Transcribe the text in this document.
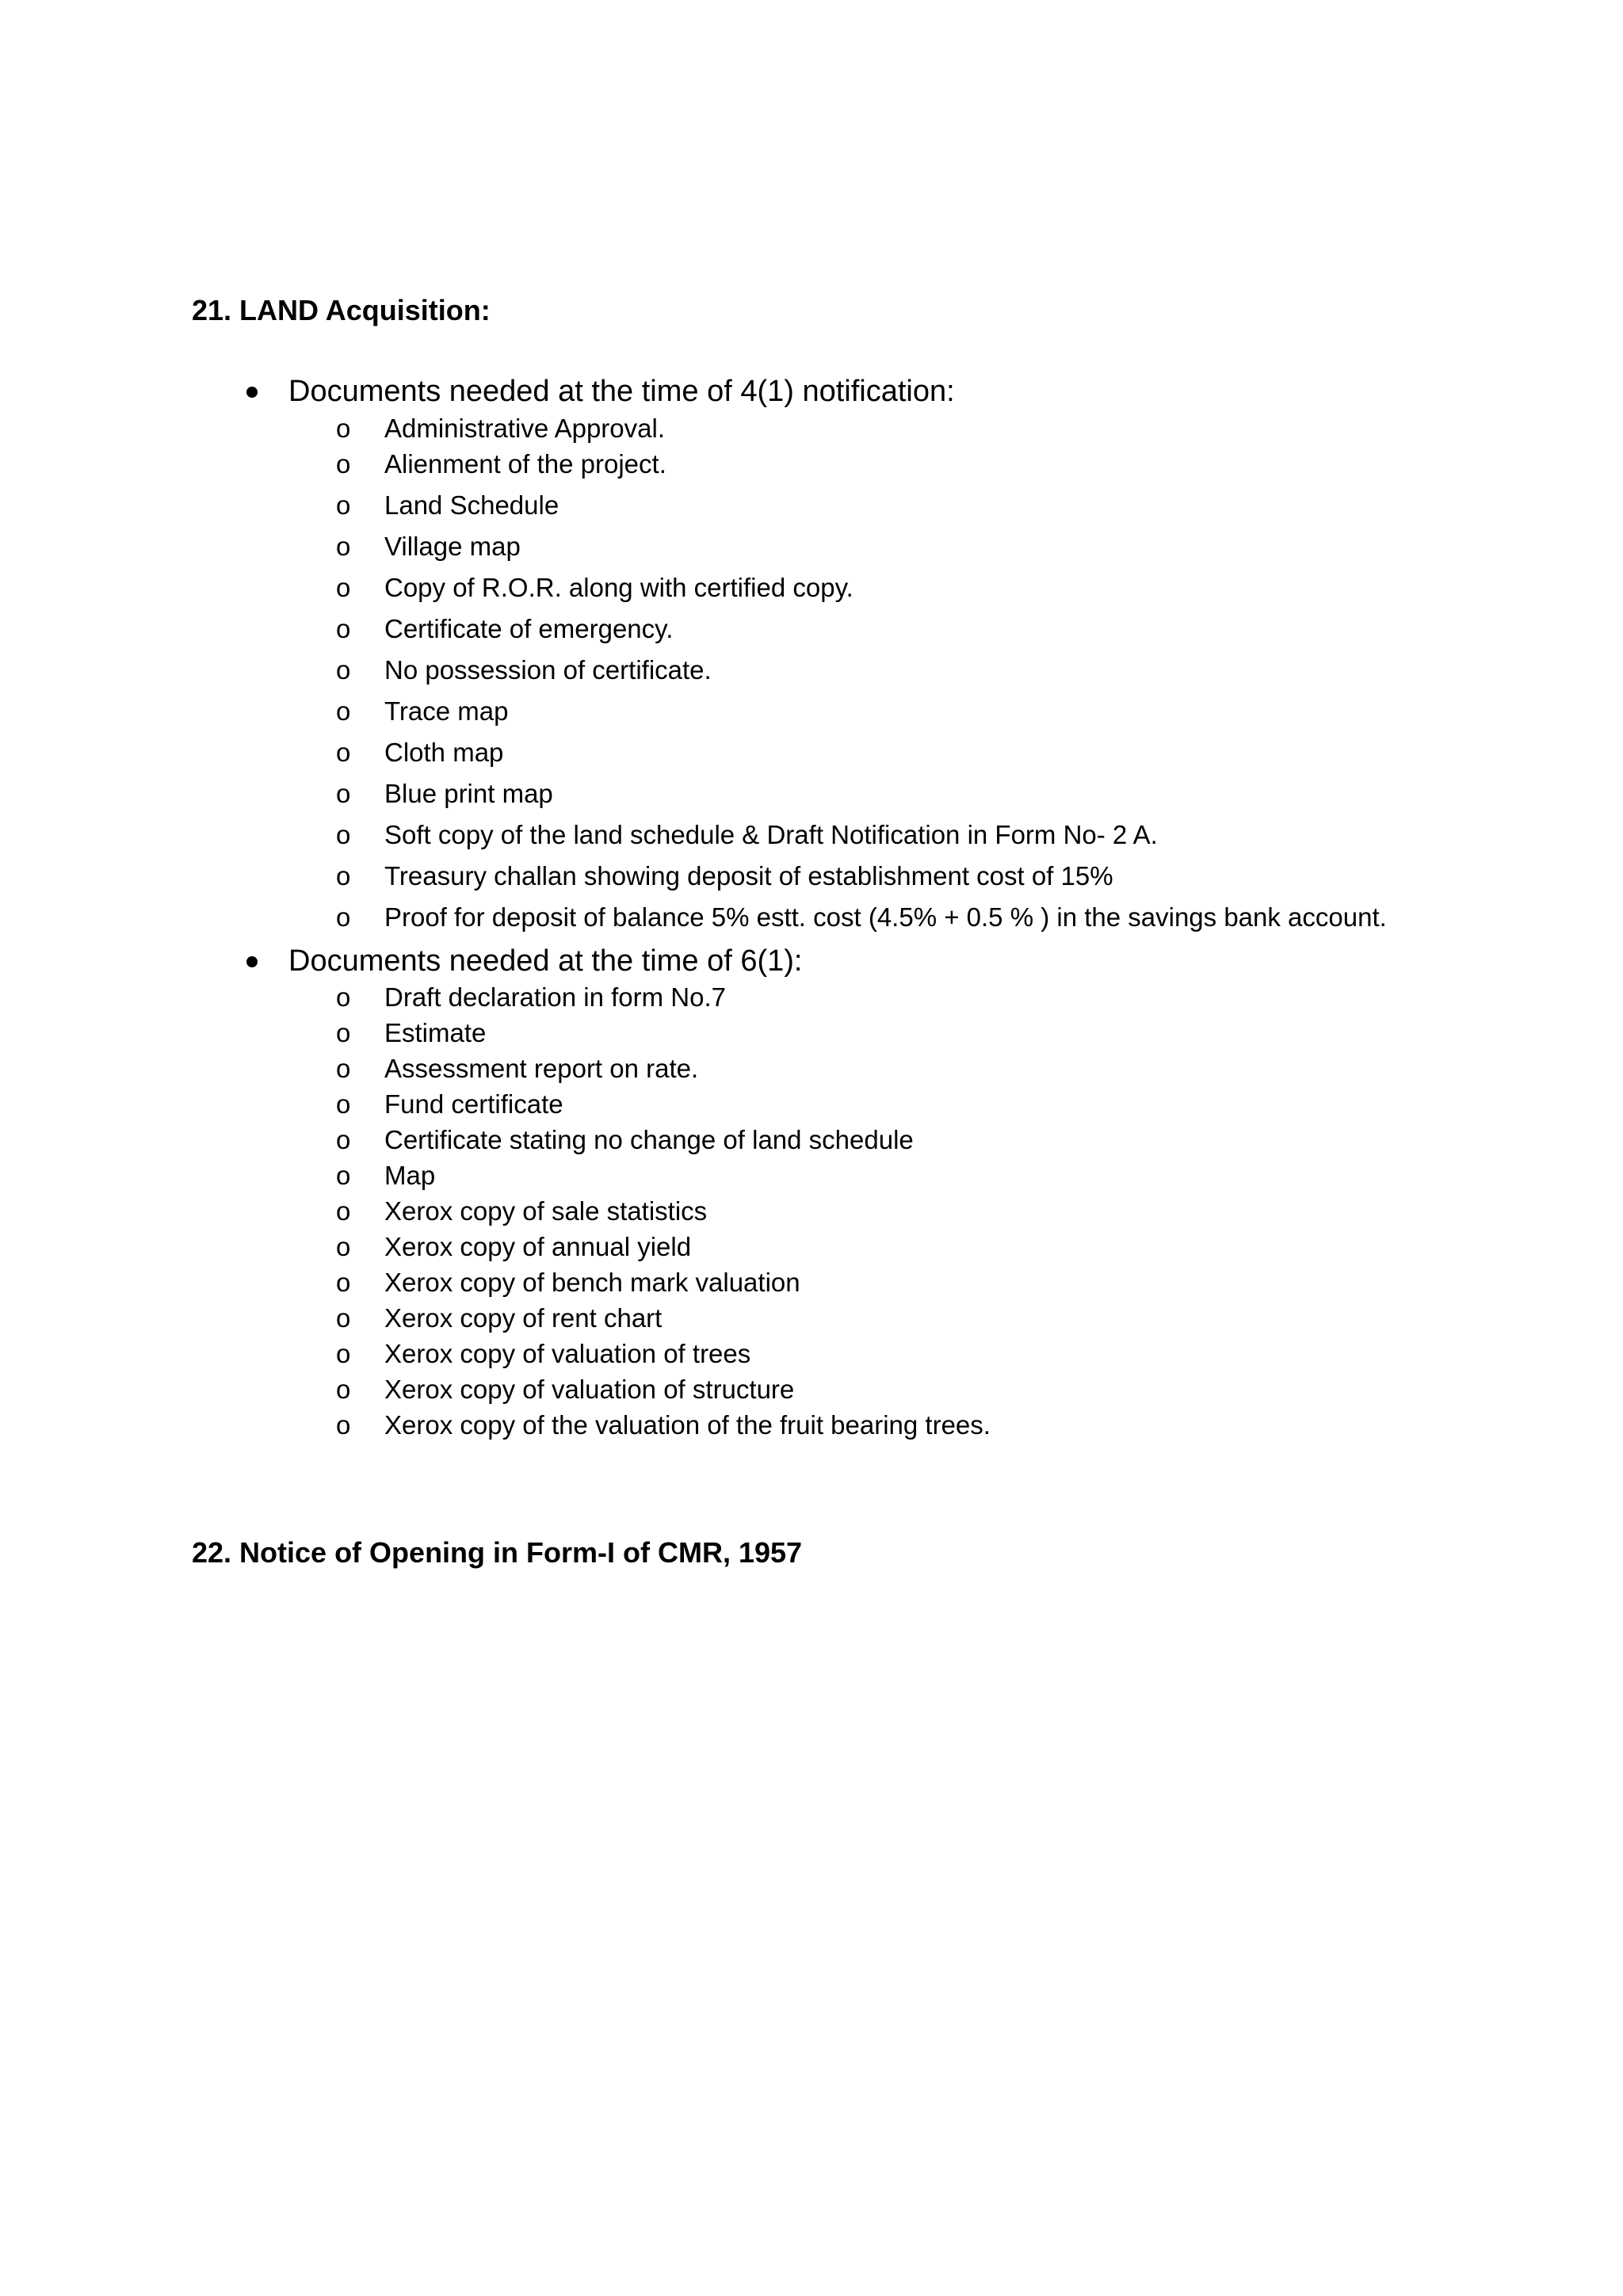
21. LAND Acquisition:
Documents needed at the time of 4(1) notification:
o Administrative Approval.
o Alienment of the project.
o Land Schedule
o Village map
o Copy of R.O.R. along with certified copy.
o Certificate of emergency.
o No possession of certificate.
o Trace map
o Cloth map
o Blue print map
o Soft copy of the land schedule & Draft Notification in Form No- 2 A.
o Treasury challan showing deposit of establishment cost of 15%
o Proof for deposit of balance 5% estt. cost (4.5% + 0.5 % ) in the savings bank account.
Documents needed at the time of 6(1):
o Draft declaration in form No.7
o Estimate
o Assessment report on rate.
o Fund certificate
o Certificate stating no change of land schedule
o Map
o Xerox copy of sale statistics
o Xerox copy of annual yield
o Xerox copy of bench mark valuation
o Xerox copy of rent chart
o Xerox copy of valuation of trees
o Xerox copy of valuation of structure
o Xerox copy of the valuation of the fruit bearing trees.
22. Notice of Opening in Form-I of CMR, 1957
